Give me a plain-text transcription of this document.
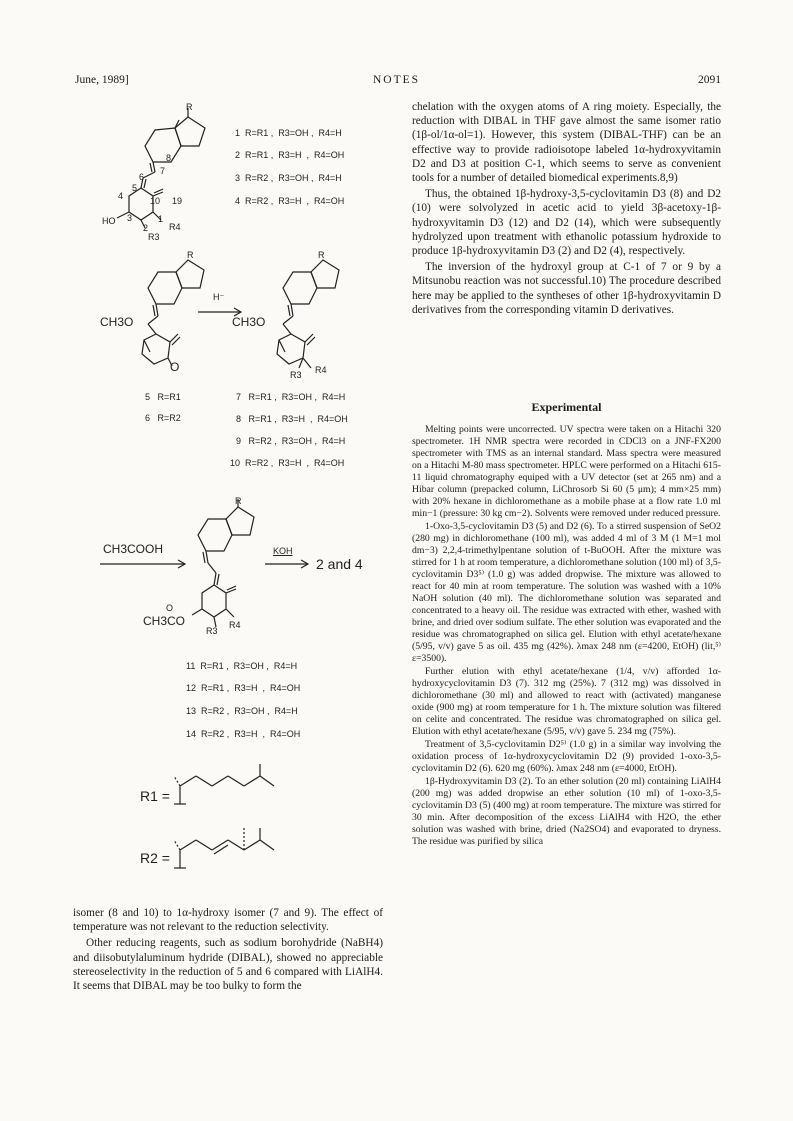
June, 1989]	NOTES	2091
R
8
7
6
5
4	10 19
3
2
1
HO
R3
R4
1  R=R1 ,  R3=OH ,  R4=H
2  R=R1 ,  R3=H  ,  R4=OH
3  R=R2 ,  R3=OH ,  R4=H
4  R=R2 ,  R3=H  ,  R4=OH
R
CH3O
O
5   R=R1
6   R=R2
H⁻
R
CH3O
R3 R4
7   R=R1 ,  R3=OH ,  R4=H
8   R=R1 ,  R3=H  ,  R4=OH
9   R=R2 ,  R3=OH ,  R4=H
10  R=R2 ,  R3=H  ,  R4=OH
CH3COOH
R
CH3CO
O
R3
R4
KOH
2 and 4
11  R=R1 ,  R3=OH ,  R4=H
12  R=R1 ,  R3=H  ,  R4=OH
13  R=R2 ,  R3=OH ,  R4=H
14  R=R2 ,  R3=H  ,  R4=OH
R1 =
R2 =

isomer (8 and 10) to 1α-hydroxy isomer (7 and 9). The effect of temperature was not relevant to the reduction selectivity.

Other reducing reagents, such as sodium borohydride (NaBH4) and diisobutylaluminum hydride (DIBAL), showed no appreciable stereoselectivity in the reduction of 5 and 6 compared with LiAlH4. It seems that DIBAL may be too bulky to form the

chelation with the oxygen atoms of A ring moiety. Especially, the reduction with DIBAL in THF gave almost the same isomer ratio (1β-ol/1α-ol=1). However, this system (DIBAL-THF) can be an effective way to provide radioisotope labeled 1α-hydroxyvitamin D2 and D3 at position C-1, which seems to serve as convenient tools for a number of detailed biomedical experiments.8,9)

Thus, the obtained 1β-hydroxy-3,5-cyclovitamin D3 (8) and D2 (10) were solvolyzed in acetic acid to yield 3β-acetoxy-1β-hydroxyvitamin D3 (12) and D2 (14), which were subsequently hydrolyzed upon treatment with ethanolic potassium hydroxide to produce 1β-hydroxyvitamin D3 (2) and D2 (4), respectively.

The inversion of the hydroxyl group at C-1 of 7 or 9 by a Mitsunobu reaction was not successful.10) The procedure described here may be applied to the syntheses of other 1β-hydroxyvitamin D derivatives from the corresponding vitamin D derivatives.

Experimental

Melting points were uncorrected. UV spectra were taken on a Hitachi 320 spectrometer. 1H NMR spectra were recorded in CDCl3 on a JNF-FX200 spectrometer with TMS as an internal standard. Mass spectra were measured on a Hitachi M-80 mass spectrometer. HPLC were performed on a Hitachi 615-11 liquid chromatography equiped with a UV detector (set at 265 nm) and a Hibar column (prepacked column, LiChrosorb Si 60 (5 μm); 4 mm×25 mm) with 20% hexane in dichloromethane as a mobile phase at a flow rate 1.0 ml min−1 (pressure: 30 kg cm−2). Solvents were removed under reduced pressure.

1-Oxo-3,5-cyclovitamin D3 (5) and D2 (6). To a stirred suspension of SeO2 (280 mg) in dichloromethane (100 ml), was added 4 ml of 3 M (1 M=1 mol dm−3) 2,2,4-trimethylpentane solution of t-BuOOH. After the mixture was stirred for 1 h at room temperature, a dichloromethane solution (100 ml) of 3,5-cyclovitamin D3⁵⁾ (1.0 g) was added dropwise. The mixture was allowed to react for 40 min at room temperature. The solution was washed with a 10% NaOH solution (40 ml). The dichloromethane solution was separated and concentrated to a heavy oil. The residue was extracted with ether, washed with brine, and dried over sodium sulfate. The ether solution was evaporated and the residue was chromatographed on silica gel. Elution with ethyl acetate/hexane (5/95, v/v) gave 5 as oil. 435 mg (42%). λmax 248 nm (ε=4200, EtOH) (lit,⁵⁾ ε=3500).

Further elution with ethyl acetate/hexane (1/4, v/v) afforded 1α-hydroxycyclovitamin D3 (7). 312 mg (25%). 7 (312 mg) was dissolved in dichloromethane (30 ml) and allowed to react with (activated) manganese oxide (900 mg) at room temperature for 1 h. The mixture solution was filtered on celite and concentrated. The residue was chromatographed on silica gel. Elution with ethyl acetate/hexane (5/95, v/v) gave 5. 234 mg (75%).

Treatment of 3,5-cyclovitamin D2⁵⁾ (1.0 g) in a similar way involving the oxidation process of 1α-hydroxycyclovitamin D2 (9) provided 1-oxo-3,5-cyclovitamin D2 (6). 620 mg (60%). λmax 248 nm (ε=4000, EtOH).

1β-Hydroxyvitamin D3 (2). To an ether solution (20 ml) containing LiAlH4 (200 mg) was added dropwise an ether solution (10 ml) of 1-oxo-3,5-cyclovitamin D3 (5) (400 mg) at room temperature. The mixture was stirred for 30 min. After decomposition of the excess LiAlH4 with H2O, the ether solution was washed with brine, dried (Na2SO4) and evaporated to dryness. The residue was purified by silica
